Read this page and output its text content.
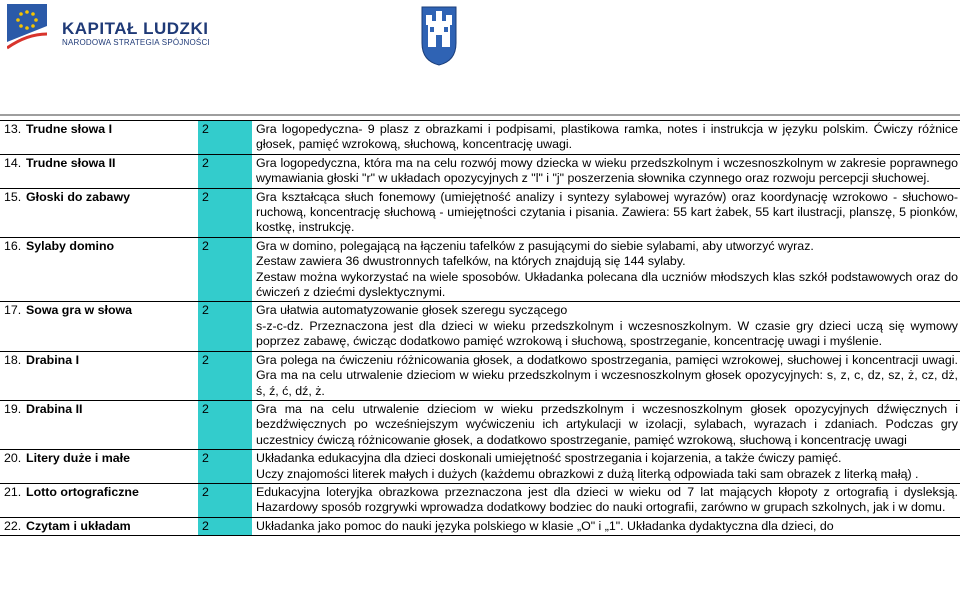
KAPITAŁ LUDZKI
NARODOWA STRATEGIA SPÓJNOŚCI
13.	Trudne słowa I	2	Gra logopedyczna- 9 plasz z obrazkami i podpisami, plastikowa ramka, notes i instrukcja w języku polskim. Ćwiczy różnice głosek, pamięć wzrokową, słuchową, koncentrację uwagi.

14.	Trudne słowa II	2	Gra logopedyczna, która ma na celu rozwój mowy dziecka w wieku przedszkolnym i wczesnoszkolnym w zakresie poprawnego wymawiania głoski "r" w układach opozycyjnych z "l" i "j" poszerzenia słownika czynnego oraz rozwoju percepcji słuchowej.

15.	Głoski do zabawy	2	Gra kształcąca słuch fonemowy (umiejętność analizy i syntezy sylabowej wyrazów) oraz koordynację wzrokowo - słuchowo- ruchową, koncentrację słuchową - umiejętności czytania i pisania. Zawiera: 55 kart żabek, 55 kart ilustracji, planszę, 5 pionków, kostkę, instrukcję.

16.	Sylaby domino	2	Gra w domino, polegającą na łączeniu tafelków z pasującymi do siebie sylabami, aby utworzyć wyraz.
Zestaw zawiera 36 dwustronnych tafelków, na których znajdują się 144 sylaby.
Zestaw można wykorzystać na wiele sposobów. Układanka polecana dla uczniów młodszych klas szkół podstawowych oraz do ćwiczeń z dziećmi dyslektycznymi.

17.	Sowa gra w słowa	2	Gra ułatwia automatyzowanie głosek szeregu syczącego
s-z-c-dz. Przeznaczona jest dla dzieci w wieku przedszkolnym i wczesnoszkolnym. W czasie gry dzieci uczą się wymowy poprzez zabawę, ćwicząc dodatkowo pamięć wzrokową i słuchową, spostrzeganie, koncentrację uwagi i myślenie.

18.	Drabina I	2	Gra polega na ćwiczeniu różnicowania głosek, a dodatkowo spostrzegania, pamięci wzrokowej, słuchowej i koncentracji uwagi. Gra ma na celu utrwalenie dzieciom w wieku przedszkolnym i wczesnoszkolnym głosek opozycyjnych: s, z, c, dz, sz, ż, cz, dż, ś, ź, ć, dź, ż.

19.	Drabina II	2	Gra ma na celu utrwalenie dzieciom w wieku przedszkolnym i wczesnoszkolnym głosek opozycyjnych dźwięcznych i bezdźwięcznych po wcześniejszym wyćwiczeniu ich artykulacji w izolacji, sylabach, wyrazach i zdaniach. Podczas gry uczestnicy ćwiczą różnicowanie głosek, a dodatkowo spostrzeganie, pamięć wzrokową, słuchową i koncentrację uwagi

20.	Litery duże i małe	2	Układanka edukacyjna dla dzieci doskonali umiejętność spostrzegania i kojarzenia, a także ćwiczy pamięć.
Uczy znajomości literek małych i dużych (każdemu obrazkowi z dużą literką odpowiada taki sam obrazek z literką małą) .

21.	Lotto ortograficzne	2	Edukacyjna loteryjka obrazkowa przeznaczona jest dla dzieci w wieku od 7 lat mających kłopoty z ortografią i dysleksją. Hazardowy sposób rozgrywki wprowadza dodatkowy bodziec do nauki ortografii, zarówno w grupach szkolnych, jak i w domu.

22.	Czytam i układam	2	Układanka jako pomoc do nauki języka polskiego w klasie „O" i „1". Układanka dydaktyczna dla dzieci, do
